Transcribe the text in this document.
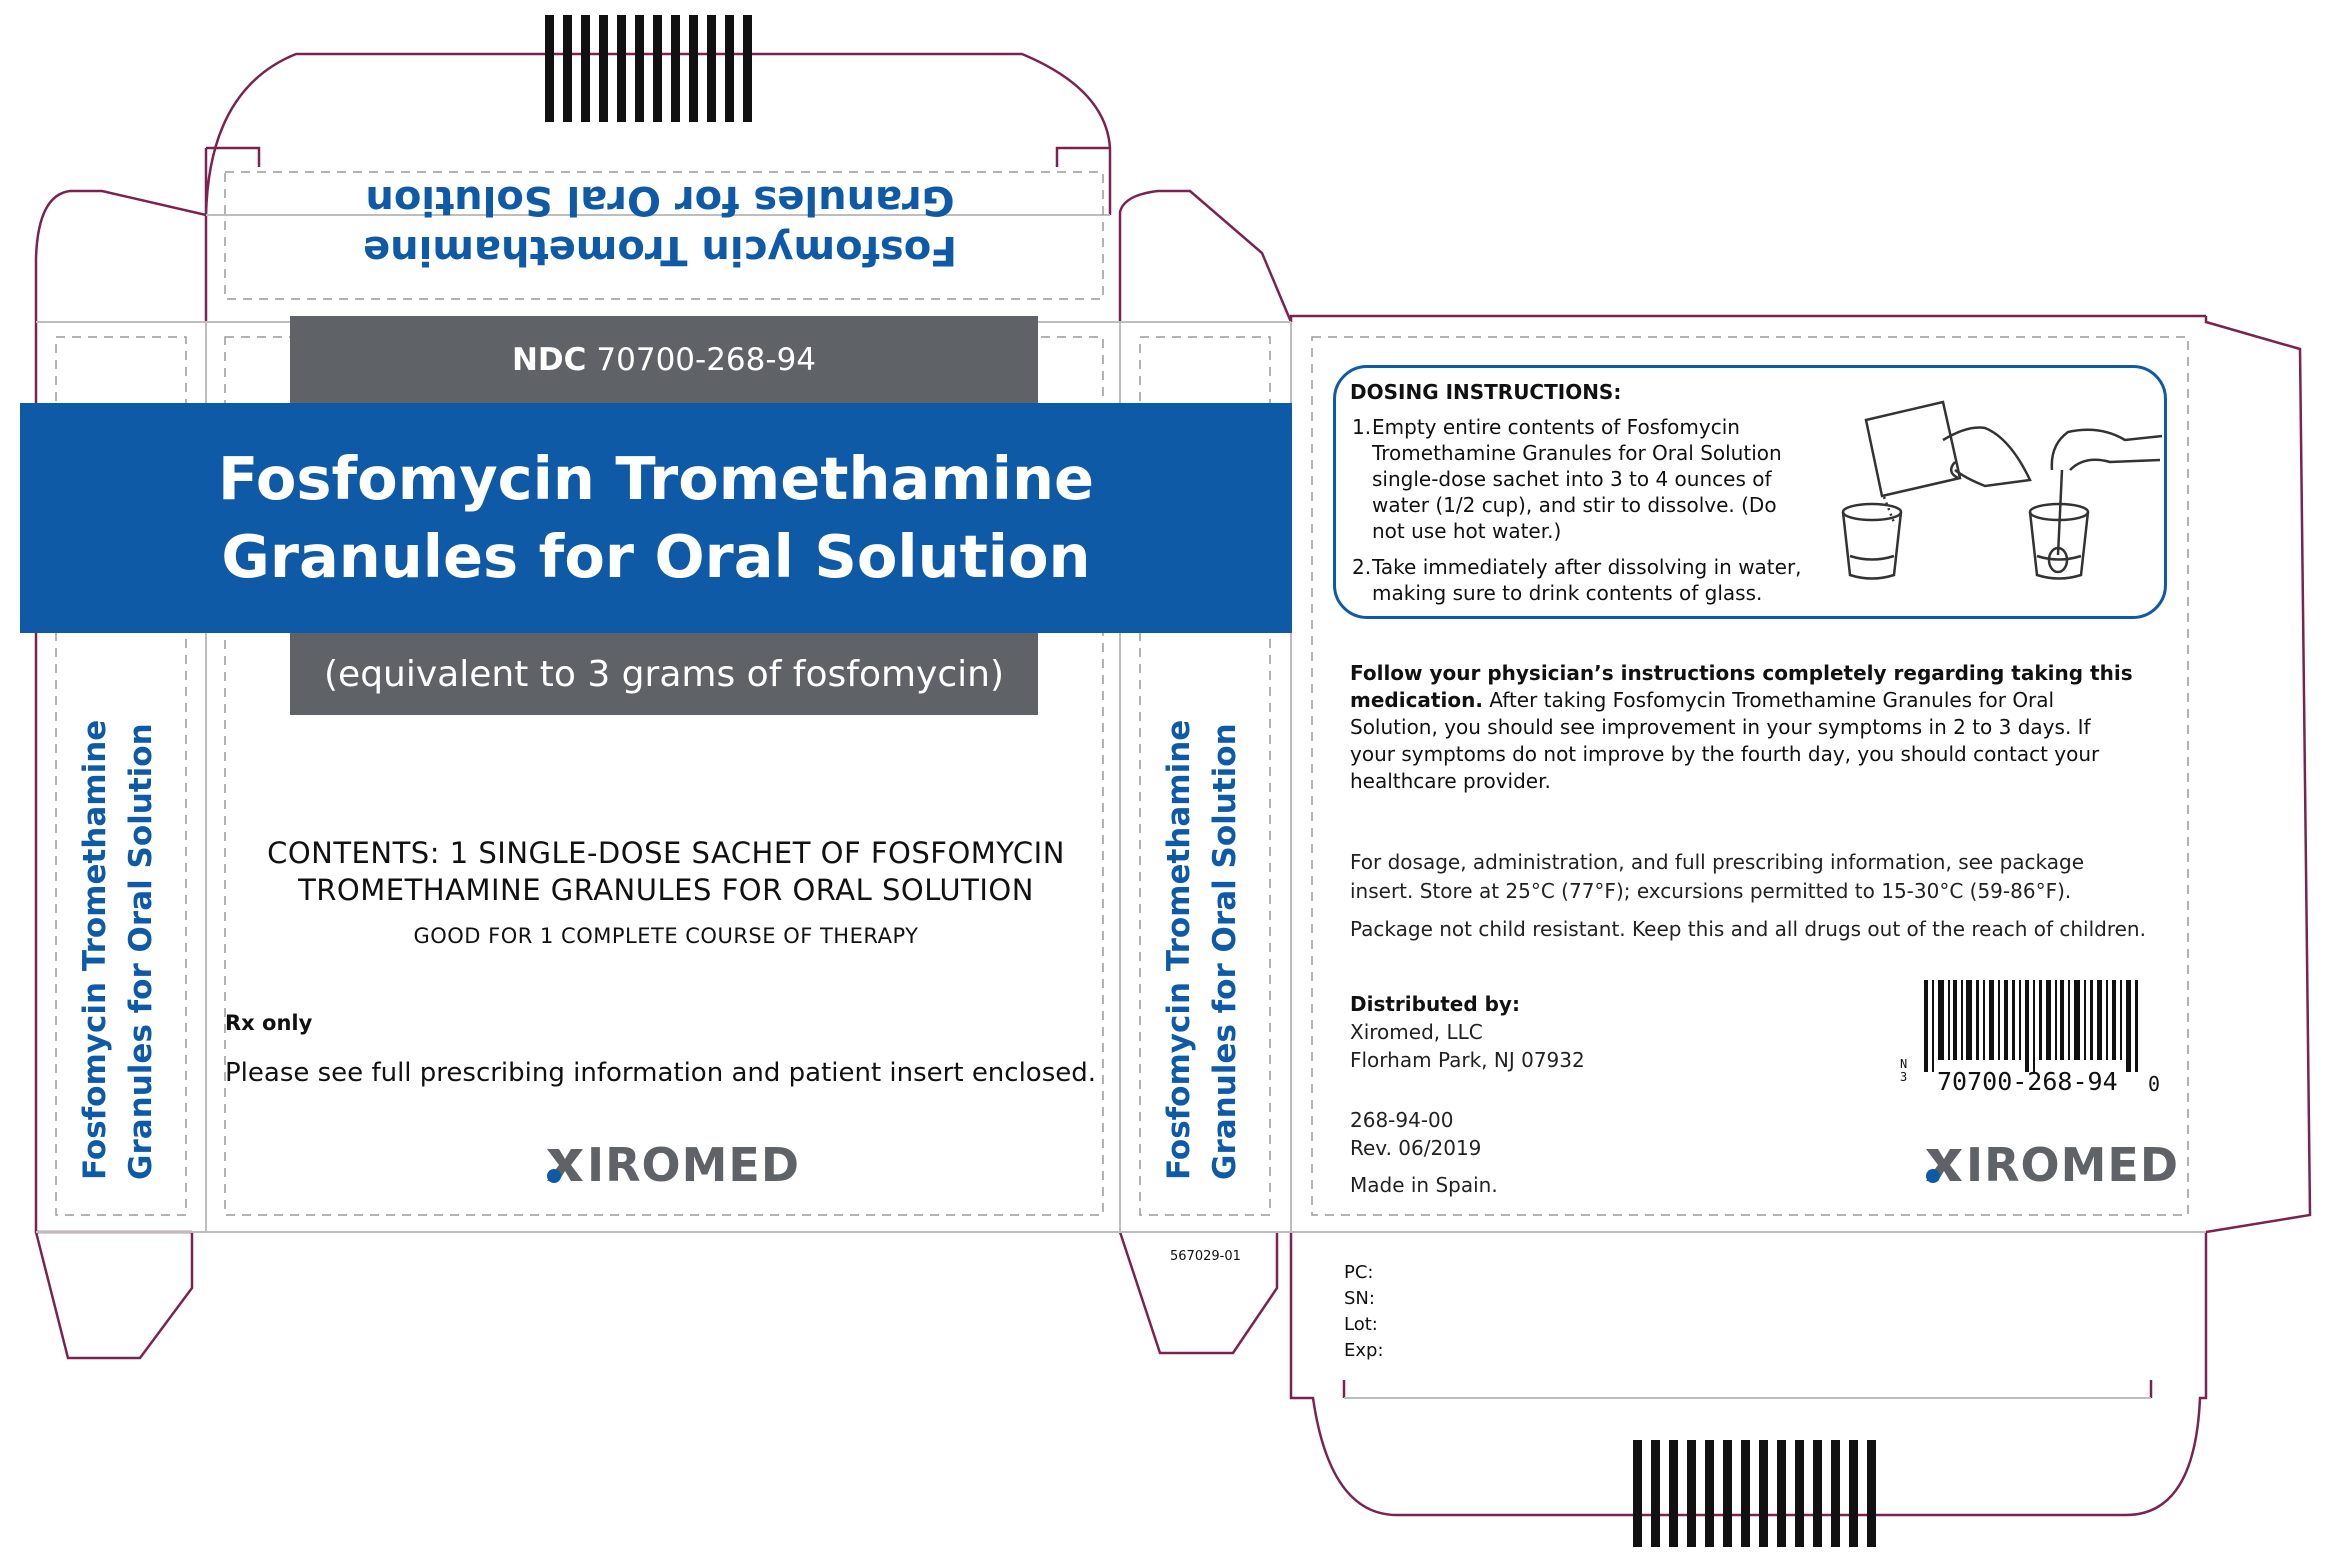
Fosfomycin Tromethamine
Granules for Oral Solution
Fosfomycin Tromethamine Granules for Oral Solution	Fosfomycin Tromethamine Granules for Oral Solution
NDC 70700-268-94
Fosfomycin Tromethamine
Granules for Oral Solution
(equivalent to 3 grams of fosfomycin)
CONTENTS: 1 SINGLE-DOSE SACHET OF FOSFOMYCIN
TROMETHAMINE GRANULES FOR ORAL SOLUTION
GOOD FOR 1 COMPLETE COURSE OF THERAPY
Rx only
Please see full prescribing information and patient insert enclosed.
IROMED
567029-01
DOSING INSTRUCTIONS:
1. Empty entire contents of Fosfomycin
Tromethamine Granules for Oral Solution
single-dose sachet into 3 to 4 ounces of
water (1/2 cup), and stir to dissolve. (Do
not use hot water.)
2. Take immediately after dissolving in water,
making sure to drink contents of glass.
Follow your physician’s instructions completely regarding taking this
medication. After taking Fosfomycin Tromethamine Granules for Oral
Solution, you should see improvement in your symptoms in 2 to 3 days. If
your symptoms do not improve by the fourth day, you should contact your
healthcare provider.
For dosage, administration, and full prescribing information, see package
insert. Store at 25°C (77°F); excursions permitted to 15-30°C (59-86°F).
Package not child resistant. Keep this and all drugs out of the reach of children.
Distributed by:
Xiromed, LLC
Florham Park, NJ 07932
268-94-00
Rev. 06/2019
Made in Spain.
N
3 70700-268-94 0
IROMED
PC:
SN:
Lot:
Exp:
